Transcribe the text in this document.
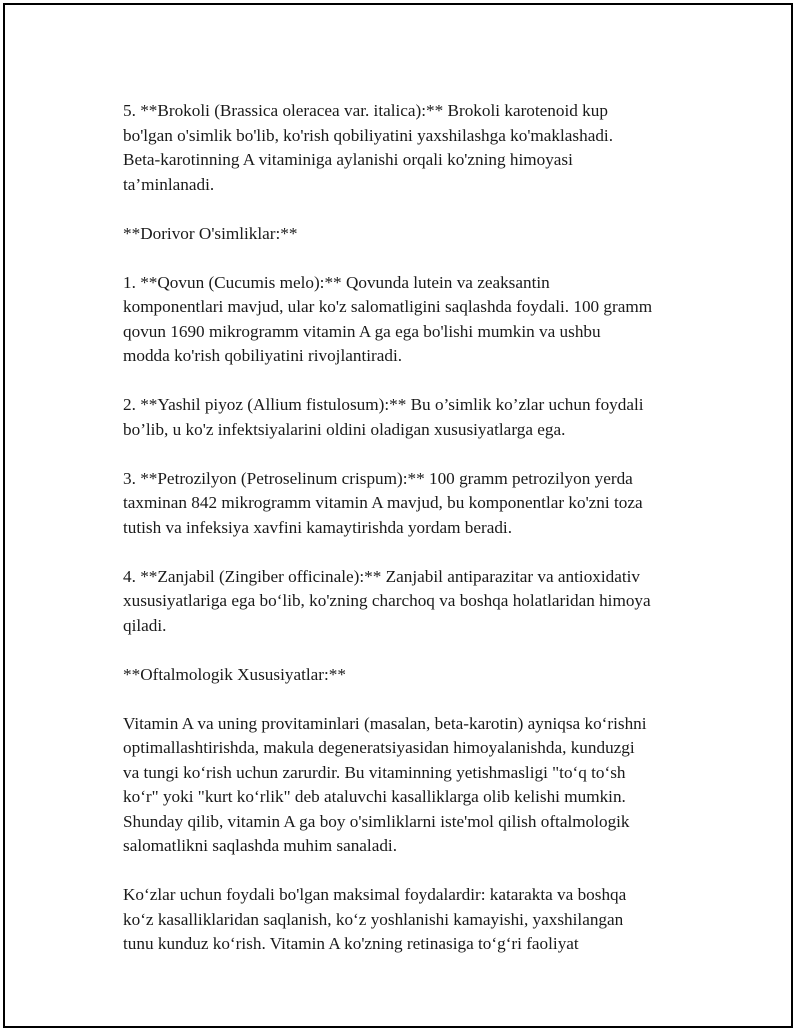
5. **Brokoli (Brassica oleracea var. italica):** Brokoli karotenoid kup
bo'lgan o'simlik bo'lib, ko'rish qobiliyatini yaxshilashga ko'maklashadi.
Beta-karotinning A vitaminiga aylanishi orqali ko'zning himoyasi
ta’minlanadi.
**Dorivor O'simliklar:**
1. **Qovun (Cucumis melo):** Qovunda lutein va zeaksantin
komponentlari mavjud, ular ko'z salomatligini saqlashda foydali. 100 gramm
qovun 1690 mikrogramm vitamin A ga ega bo'lishi mumkin va ushbu
modda ko'rish qobiliyatini rivojlantiradi.
2. **Yashil piyoz (Allium fistulosum):** Bu o’simlik ko’zlar uchun foydali
bo’lib, u ko'z infektsiyalarini oldini oladigan xususiyatlarga ega.
3. **Petrozilyon (Petroselinum crispum):** 100 gramm petrozilyon yerda
taxminan 842 mikrogramm vitamin A mavjud, bu komponentlar ko'zni toza
tutish va infeksiya xavfini kamaytirishda yordam beradi.
4. **Zanjabil (Zingiber officinale):** Zanjabil antiparazitar va antioxidativ
xususiyatlariga ega bo‘lib, ko'zning charchoq va boshqa holatlaridan himoya
qiladi.
**Oftalmologik Xususiyatlar:**
Vitamin A va uning provitaminlari (masalan, beta-karotin) ayniqsa ko‘rishni
optimallashtirishda, makula degeneratsiyasidan himoyalanishda, kunduzgi
va tungi ko‘rish uchun zarurdir. Bu vitaminning yetishmasligi "to‘q to‘sh
ko‘r" yoki "kurt ko‘rlik" deb ataluvchi kasalliklarga olib kelishi mumkin.
Shunday qilib, vitamin A ga boy o'simliklarni iste'mol qilish oftalmologik
salomatlikni saqlashda muhim sanaladi.
Ko‘zlar uchun foydali bo'lgan maksimal foydalardir: katarakta va boshqa
ko‘z kasalliklaridan saqlanish, ko‘z yoshlanishi kamayishi, yaxshilangan
tunu kunduz ko‘rish. Vitamin A ko'zning retinasiga to‘g‘ri faoliyat
